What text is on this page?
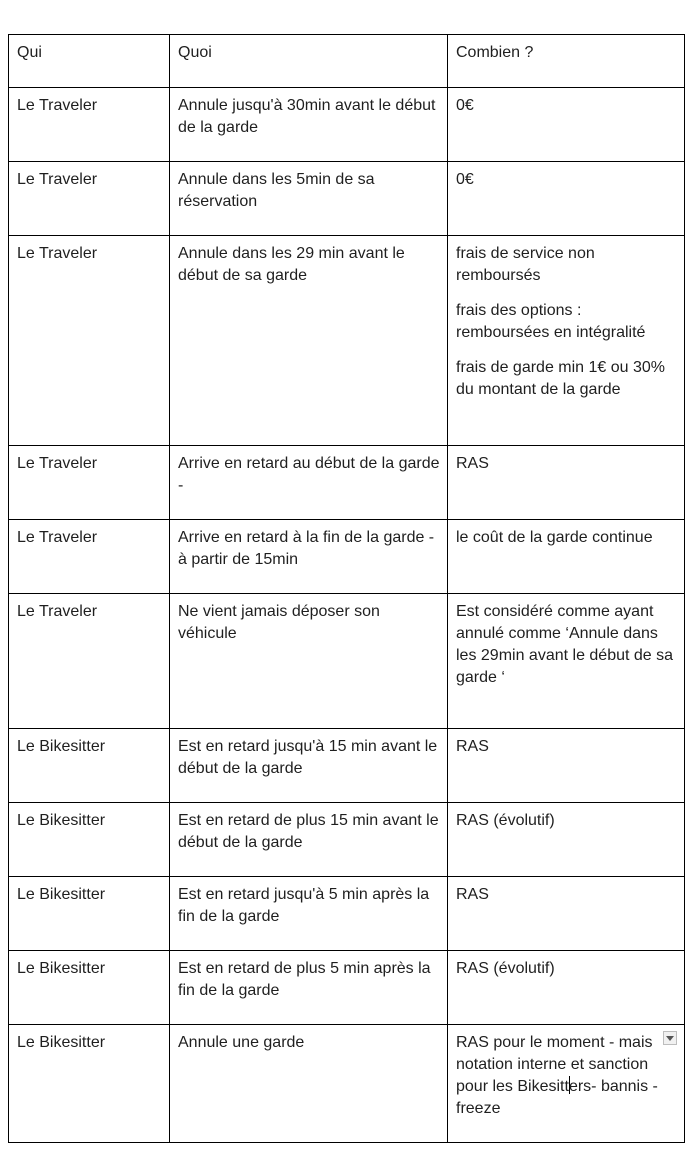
Qui	Quoi	Combien ?
Le Traveler	Annule jusqu'à 30min avant le début de la garde	0€

Le Traveler	Annule dans les 5min de sa réservation	0€

Le Traveler	Annule dans les 29 min avant le début de sa garde	frais de service non remboursés

frais des options : remboursées en intégralité

frais de garde min 1€ ou 30% du montant de la garde

Le Traveler	Arrive en retard au début de la garde -	RAS

Le Traveler	Arrive en retard à la fin de la garde - à partir de 15min	le coût de la garde continue

Le Traveler	Ne vient jamais déposer son véhicule	Est considéré comme ayant annulé comme ‘Annule dans les 29min avant le début de sa garde ‘

Le Bikesitter	Est en retard jusqu'à 15 min avant le début de la garde	RAS

Le Bikesitter	Est en retard de plus 15 min avant le début de la garde	RAS (évolutif)

Le Bikesitter	Est en retard jusqu'à 5 min après la fin de la garde	RAS

Le Bikesitter	Est en retard de plus 5 min après la fin de la garde	RAS (évolutif)

Le Bikesitter	Annule une garde	RAS pour le moment - mais notation interne et sanction pour les Bikesitters- bannis - freeze
